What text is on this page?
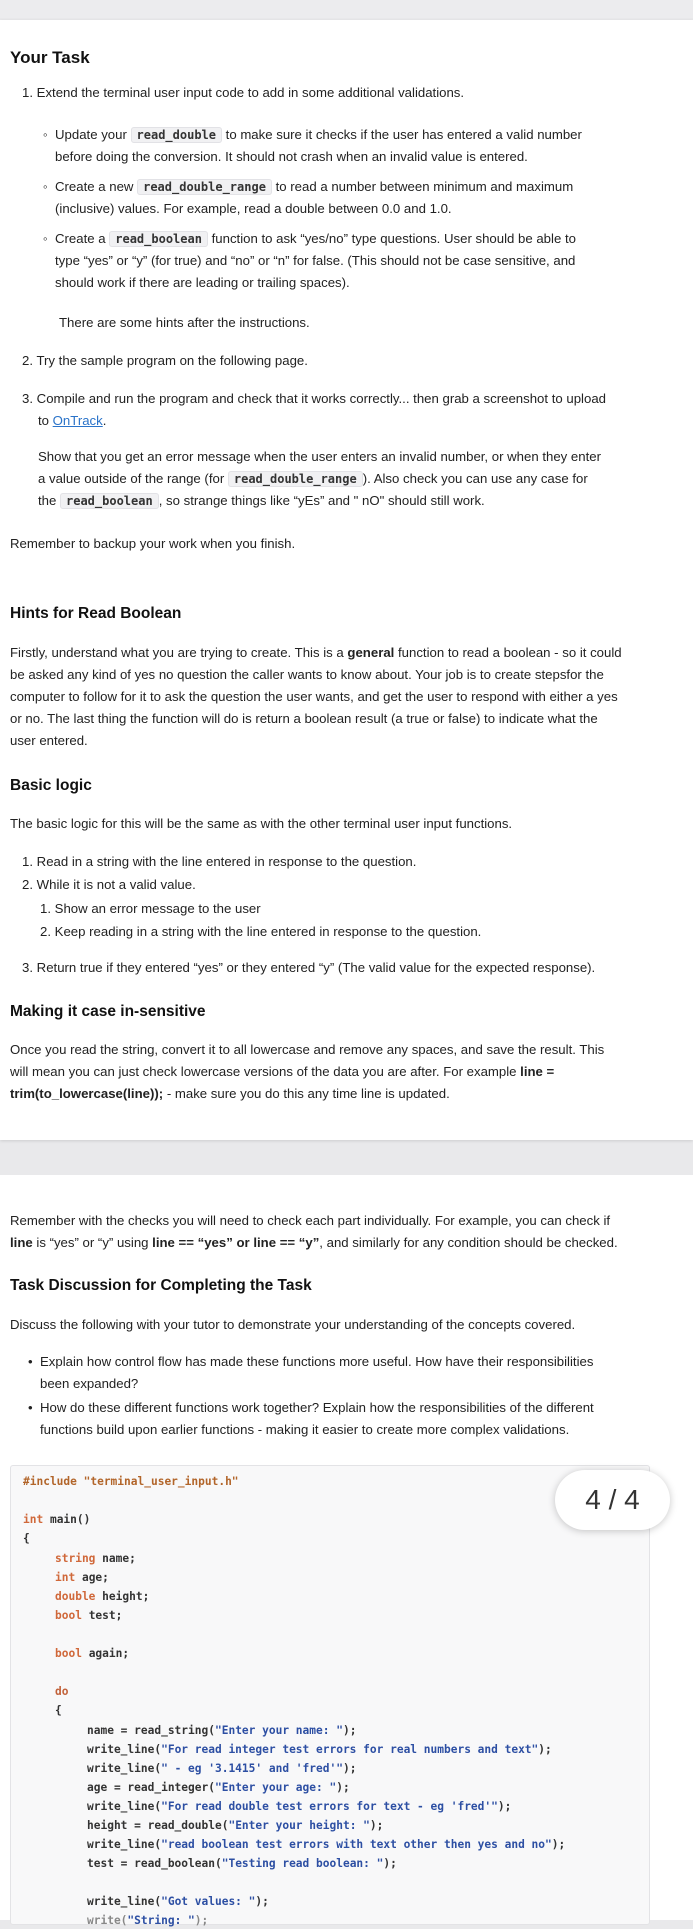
Your Task

1. Extend the terminal user input code to add in some additional validations.

◦ Update your read_double to make sure it checks if the user has entered a valid number

before doing the conversion. It should not crash when an invalid value is entered.

◦ Create a new read_double_range to read a number between minimum and maximum

(inclusive) values. For example, read a double between 0.0 and 1.0.

◦ Create a read_boolean function to ask “yes/no” type questions. User should be able to

type “yes” or “y” (for true) and “no” or “n” for false. (This should not be case sensitive, and

should work if there are leading or trailing spaces).

There are some hints after the instructions.

2. Try the sample program on the following page.

3. Compile and run the program and check that it works correctly... then grab a screenshot to upload

to OnTrack.

Show that you get an error message when the user enters an invalid number, or when they enter

a value outside of the range (for read_double_range ). Also check you can use any case for

the read_boolean , so strange things like “yEs” and " nO" should still work.

Remember to backup your work when you finish.

Hints for Read Boolean

Firstly, understand what you are trying to create. This is a general function to read a boolean - so it could

be asked any kind of yes no question the caller wants to know about. Your job is to create stepsfor the

computer to follow for it to ask the question the user wants, and get the user to respond with either a yes

or no. The last thing the function will do is return a boolean result (a true or false) to indicate what the

user entered.

Basic logic

The basic logic for this will be the same as with the other terminal user input functions.

1. Read in a string with the line entered in response to the question.

2. While it is not a valid value.

1. Show an error message to the user

2. Keep reading in a string with the line entered in response to the question.

3. Return true if they entered “yes” or they entered “y” (The valid value for the expected response).

Making it case in-sensitive

Once you read the string, convert it to all lowercase and remove any spaces, and save the result. This

will mean you can just check lowercase versions of the data you are after. For example line =

trim(to_lowercase(line)); - make sure you do this any time line is updated.

Remember with the checks you will need to check each part individually. For example, you can check if

line is “yes” or “y” using line == “yes” or line == “y”, and similarly for any condition should be checked.

Task Discussion for Completing the Task

Discuss the following with your tutor to demonstrate your understanding of the concepts covered.

• Explain how control flow has made these functions more useful. How have their responsibilities

been expanded?

• How do these different functions work together? Explain how the responsibilities of the different

functions build upon earlier functions - making it easier to create more complex validations.

#include "terminal_user_input.h"
int main()
{
string name;
int age;
double height;
bool test;
bool again;
do
{
name = read_string("Enter your name: ");
write_line("For read integer test errors for real numbers and text");
write_line(" - eg '3.1415' and 'fred'");
age = read_integer("Enter your age: ");
write_line("For read double test errors for text - eg 'fred'");
height = read_double("Enter your height: ");
write_line("read boolean test errors with text other then yes and no");
test = read_boolean("Testing read boolean: ");
write_line("Got values: ");
write("String: ");
4 / 4
